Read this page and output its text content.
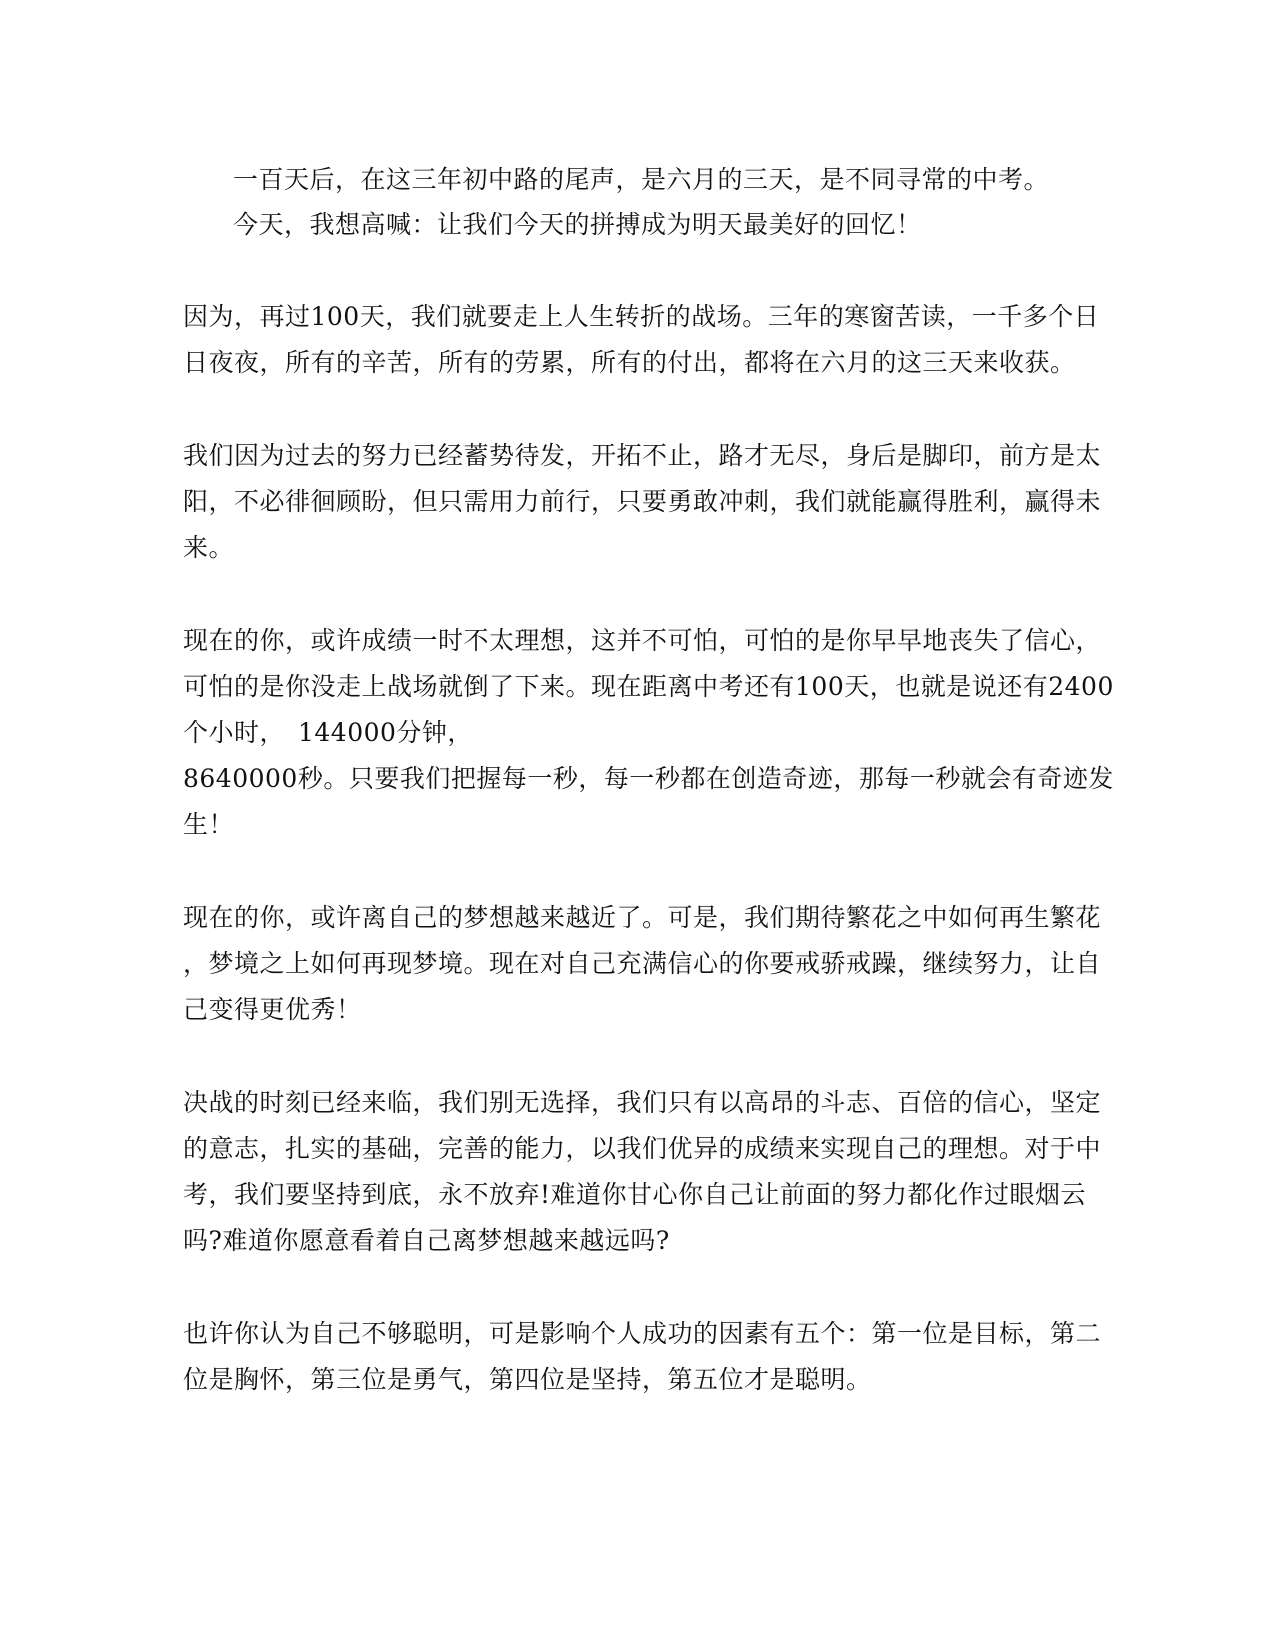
一百天后，在这三年初中路的尾声，是六月的三天，是不同寻常的中考。
今天，我想高喊：让我们今天的拼搏成为明天最美好的回忆！
因为，再过100天，我们就要走上人生转折的战场。三年的寒窗苦读，一千多个日
日夜夜，所有的辛苦，所有的劳累，所有的付出，都将在六月的这三天来收获。
我们因为过去的努力已经蓄势待发，开拓不止，路才无尽，身后是脚印，前方是太
阳，不必徘徊顾盼，但只需用力前行，只要勇敢冲刺，我们就能赢得胜利，赢得未
来。
现在的你，或许成绩一时不太理想，这并不可怕，可怕的是你早早地丧失了信心，
可怕的是你没走上战场就倒了下来。现在距离中考还有100天，也就是说还有2400
个小时，　144000分钟，
8640000秒。只要我们把握每一秒，每一秒都在创造奇迹，那每一秒就会有奇迹发
生！
现在的你，或许离自己的梦想越来越近了。可是，我们期待繁花之中如何再生繁花
，梦境之上如何再现梦境。现在对自己充满信心的你要戒骄戒躁，继续努力，让自
己变得更优秀！
决战的时刻已经来临，我们别无选择，我们只有以高昂的斗志、百倍的信心，坚定
的意志，扎实的基础，完善的能力，以我们优异的成绩来实现自己的理想。对于中
考，我们要坚持到底，永不放弃!难道你甘心你自己让前面的努力都化作过眼烟云
吗?难道你愿意看着自己离梦想越来越远吗?
也许你认为自己不够聪明，可是影响个人成功的因素有五个：第一位是目标，第二
位是胸怀，第三位是勇气，第四位是坚持，第五位才是聪明。
